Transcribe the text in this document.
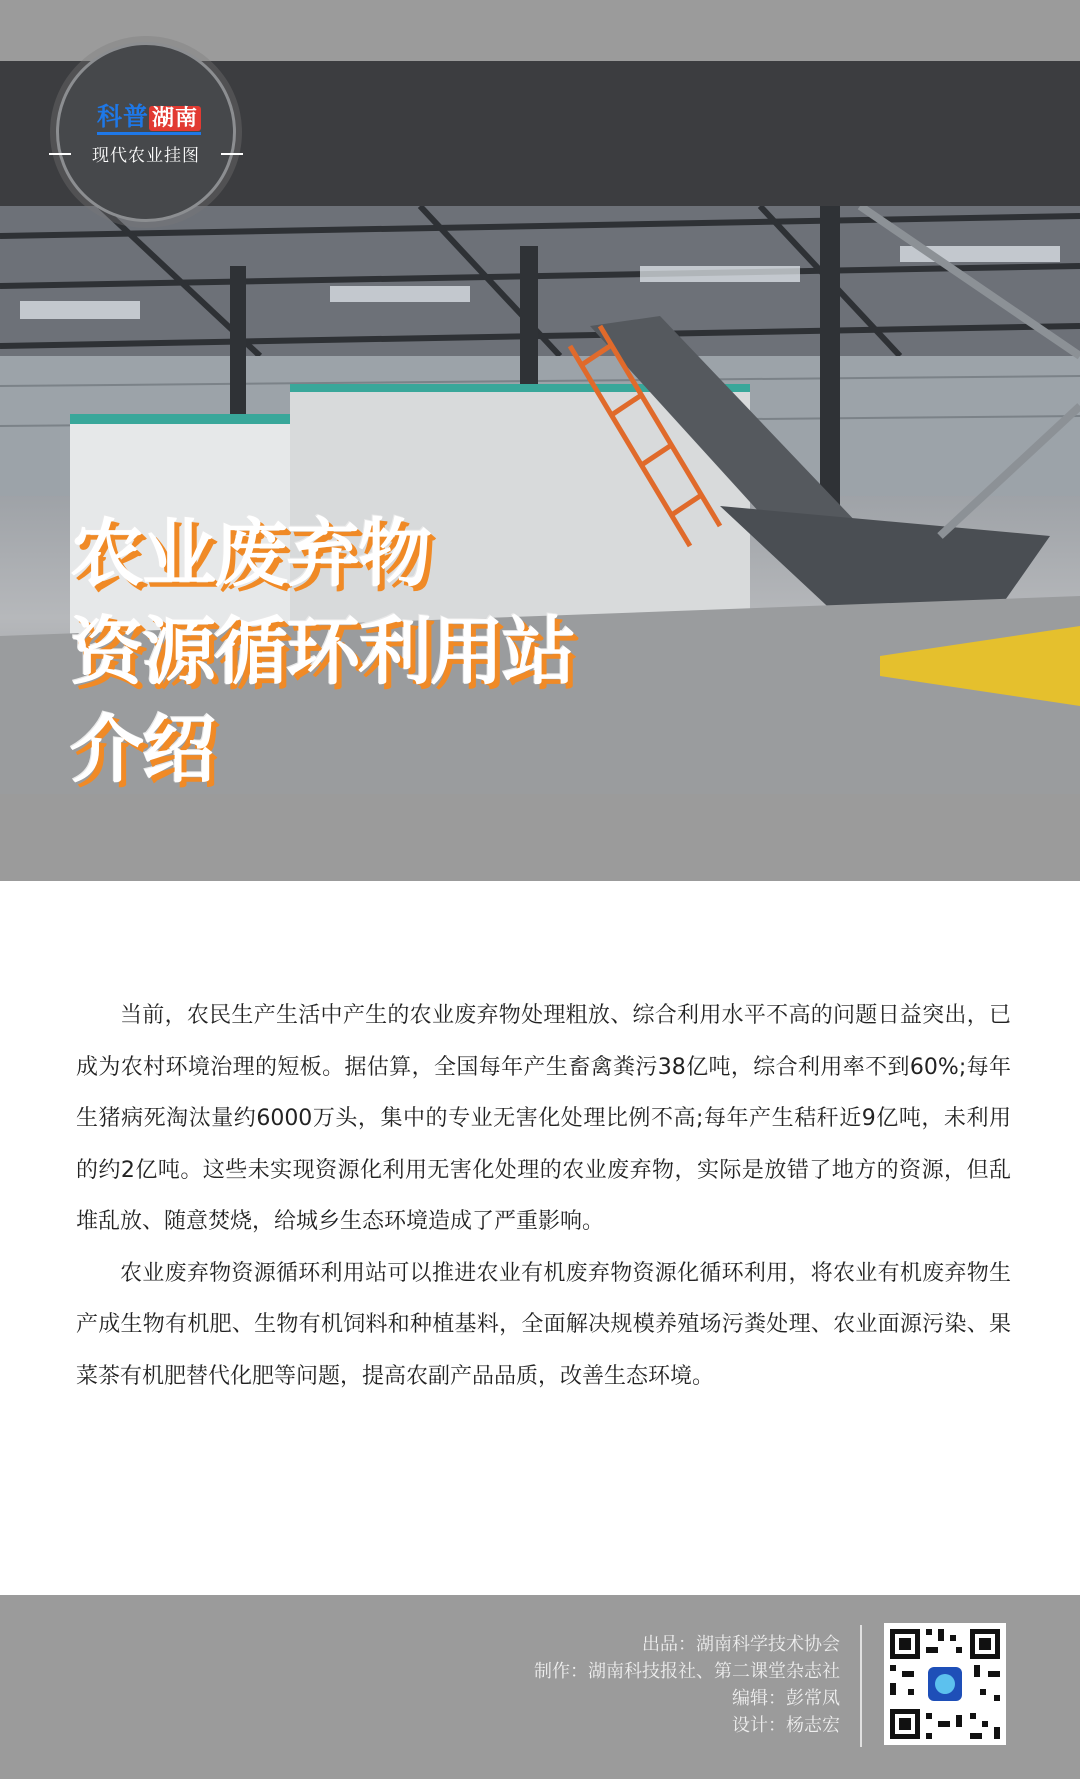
科普 湖南
现代农业挂图
农业废弃物
资源循环利用站
介绍

当前，农民生产生活中产生的农业废弃物处理粗放、综合利用水平不高的问题日益突出，已成为农村环境治理的短板。据估算，全国每年产生畜禽粪污38亿吨，综合利用率不到60%;每年生猪病死淘汰量约6000万头，集中的专业无害化处理比例不高;每年产生秸秆近9亿吨，未利用的约2亿吨。这些未实现资源化利用无害化处理的农业废弃物，实际是放错了地方的资源，但乱堆乱放、随意焚烧，给城乡生态环境造成了严重影响。

农业废弃物资源循环利用站可以推进农业有机废弃物资源化循环利用，将农业有机废弃物生产成生物有机肥、生物有机饲料和种植基料，全面解决规模养殖场污粪处理、农业面源污染、果菜茶有机肥替代化肥等问题，提高农副产品品质，改善生态环境。

出品：湖南科学技术协会
制作：湖南科技报社、第二课堂杂志社
编辑：彭常凤
设计：杨志宏
